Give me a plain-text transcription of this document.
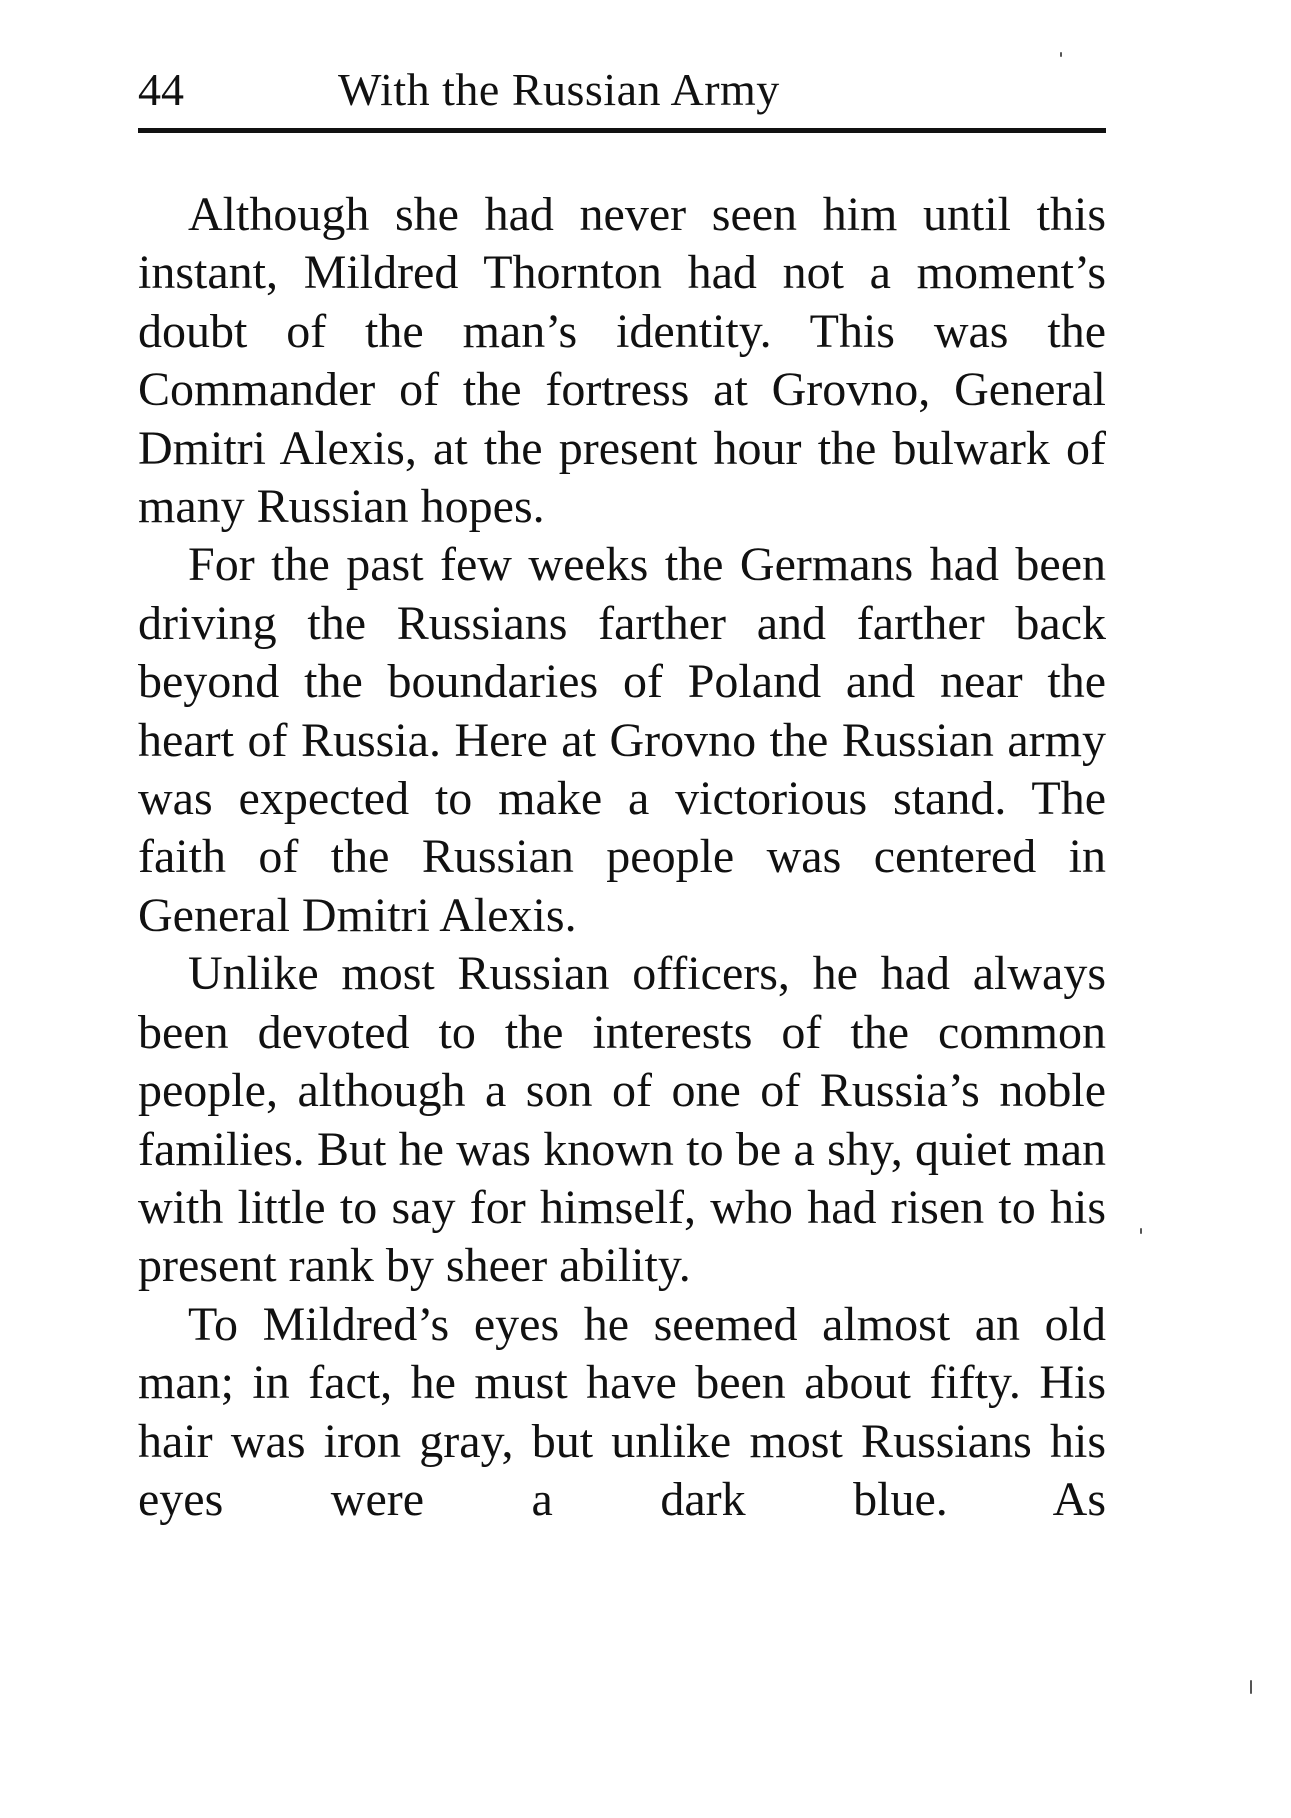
44	With the Russian Army

Although she had never seen him until this instant, Mildred Thornton had not a moment’s doubt of the man’s identity. This was the Commander of the fortress at Grovno, General Dmitri Alexis, at the present hour the bulwark of many Russian hopes.

For the past few weeks the Germans had been driving the Russians farther and farther back beyond the boundaries of Poland and near the heart of Russia. Here at Grovno the Russian army was expected to make a victorious stand. The faith of the Russian people was centered in General Dmitri Alexis.

Unlike most Russian officers, he had always been devoted to the interests of the common people, although a son of one of Russia’s noble families. But he was known to be a shy, quiet man with little to say for himself, who had risen to his present rank by sheer ability.

To Mildred’s eyes he seemed almost an old man; in fact, he must have been about fifty. His hair was iron gray, but unlike most Russians his eyes were a dark blue. As
